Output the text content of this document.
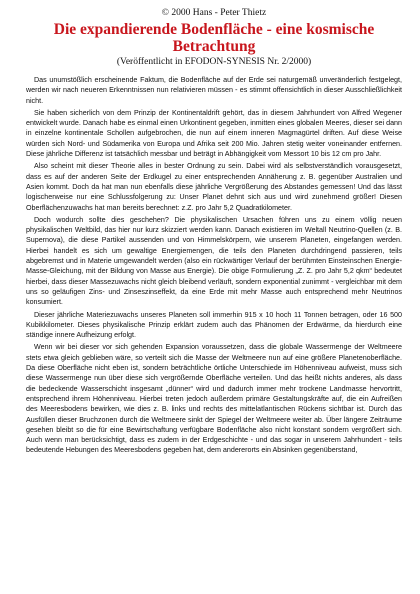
© 2000 Hans - Peter Thietz
Die expandierende Bodenfläche - eine kosmische Betrachtung
(Veröffentlicht in EFODON-SYNESIS Nr. 2/2000)

Das unumstößlich erscheinende Faktum, die Bodenfläche auf der Erde sei naturgemäß unveränderlich festgelegt, werden wir nach neueren Erkenntnissen nun relativieren müssen - es stimmt offensichtlich in dieser Ausschließlichkeit nicht.

Sie haben sicherlich von dem Prinzip der Kontinentaldrift gehört, das in diesem Jahrhundert von Alfred Wegener entwickelt wurde. Danach habe es einmal einen Urkontinent gegeben, inmitten eines globalen Meeres, dieser sei dann in einzelne kontinentale Schollen aufgebrochen, die nun auf einem inneren Magmagürtel driften. Auf diese Weise würden sich Nord- und Südamerika von Europa und Afrika seit 200 Mio. Jahren stetig weiter voneinander entfernen. Diese jährliche Differenz ist tatsächlich messbar und beträgt in Abhängigkeit vom Messort 10 bis 12 cm pro Jahr.

Also scheint mit dieser Theorie alles in bester Ordnung zu sein. Dabei wird als selbstverständlich vorausgesetzt, dass es auf der anderen Seite der Erdkugel zu einer entsprechenden Annäherung z. B. gegenüber Australien und Asien kommt. Doch da hat man nun ebenfalls diese jährliche Vergrößerung des Abstandes gemessen! Und das lässt logischerweise nur eine Schlussfolgerung zu: Unser Planet dehnt sich aus und wird zunehmend größer! Diesen Oberflächenzuwachs hat man bereits berechnet: z.Z. pro Jahr 5,2 Quadratkilometer.

Doch wodurch sollte dies geschehen? Die physikalischen Ursachen führen uns zu einem völlig neuen physikalischen Weltbild, das hier nur kurz skizziert werden kann. Danach existieren im Weltall Neutrino-Quellen (z. B. Supernova), die diese Partikel aussenden und von Himmelskörpern, wie unserem Planeten, eingefangen werden. Hierbei handelt es sich um gewaltige Energiemengen, die teils den Planeten durchdringend passieren, teils abgebremst und in Materie umgewandelt werden (also ein rückwärtiger Verlauf der berühmten Einsteinschen Energie-Masse-Gleichung, mit der Bildung von Masse aus Energie). Die obige Formulierung „Z. Z. pro Jahr 5,2 qkm“ bedeutet hierbei, dass dieser Massezuwachs nicht gleich bleibend verläuft, sondern exponential zunimmt - vergleichbar mit dem uns so geläufigen Zins- und Zinseszinseffekt, da eine Erde mit mehr Masse auch entsprechend mehr Neutrinos konsumiert.

Dieser jährliche Materiezuwachs unseres Planeten soll immerhin 915 x 10 hoch 11 Tonnen betragen, oder 16 500 Kubikkilometer. Dieses physikalische Prinzip erklärt zudem auch das Phänomen der Erdwärme, da hierdurch eine ständige innere Aufheizung erfolgt.

Wenn wir bei dieser vor sich gehenden Expansion voraussetzen, dass die globale Wassermenge der Weltmeere stets etwa gleich geblieben wäre, so verteilt sich die Masse der Weltmeere nun auf eine größere Planetenoberfläche. Da diese Oberfläche nicht eben ist, sondern beträchtliche örtliche Unterschiede im Höhenniveau aufweist, muss sich diese Wassermenge nun über diese sich vergrößernde Oberfläche verteilen. Und das heißt nichts anderes, als dass die bedeckende Wasserschicht insgesamt „dünner“ wird und dadurch immer mehr trockene Landmasse hervortritt, entsprechend ihrem Höhenniveau. Hierbei treten jedoch außerdem primäre Gestaltungskräfte auf, die ein Aufreißen des Meeresbodens bewirken, wie dies z. B. links und rechts des mittelatlantischen Rückens sichtbar ist. Durch das Ausfüllen dieser Bruchzonen durch die Weltmeere sinkt der Spiegel der Weltmeere weiter ab. Über längere Zeiträume gesehen bleibt so die für eine Bewirtschaftung verfügbare Bodenfläche also nicht konstant sondern vergrößert sich. Auch wenn man berücksichtigt, dass es zudem in der Erdgeschichte - und das sogar in unserem Jahrhundert - teils bedeutende Hebungen des Meeresbodens gegeben hat, dem andererorts ein Absinken gegenüberstand,
